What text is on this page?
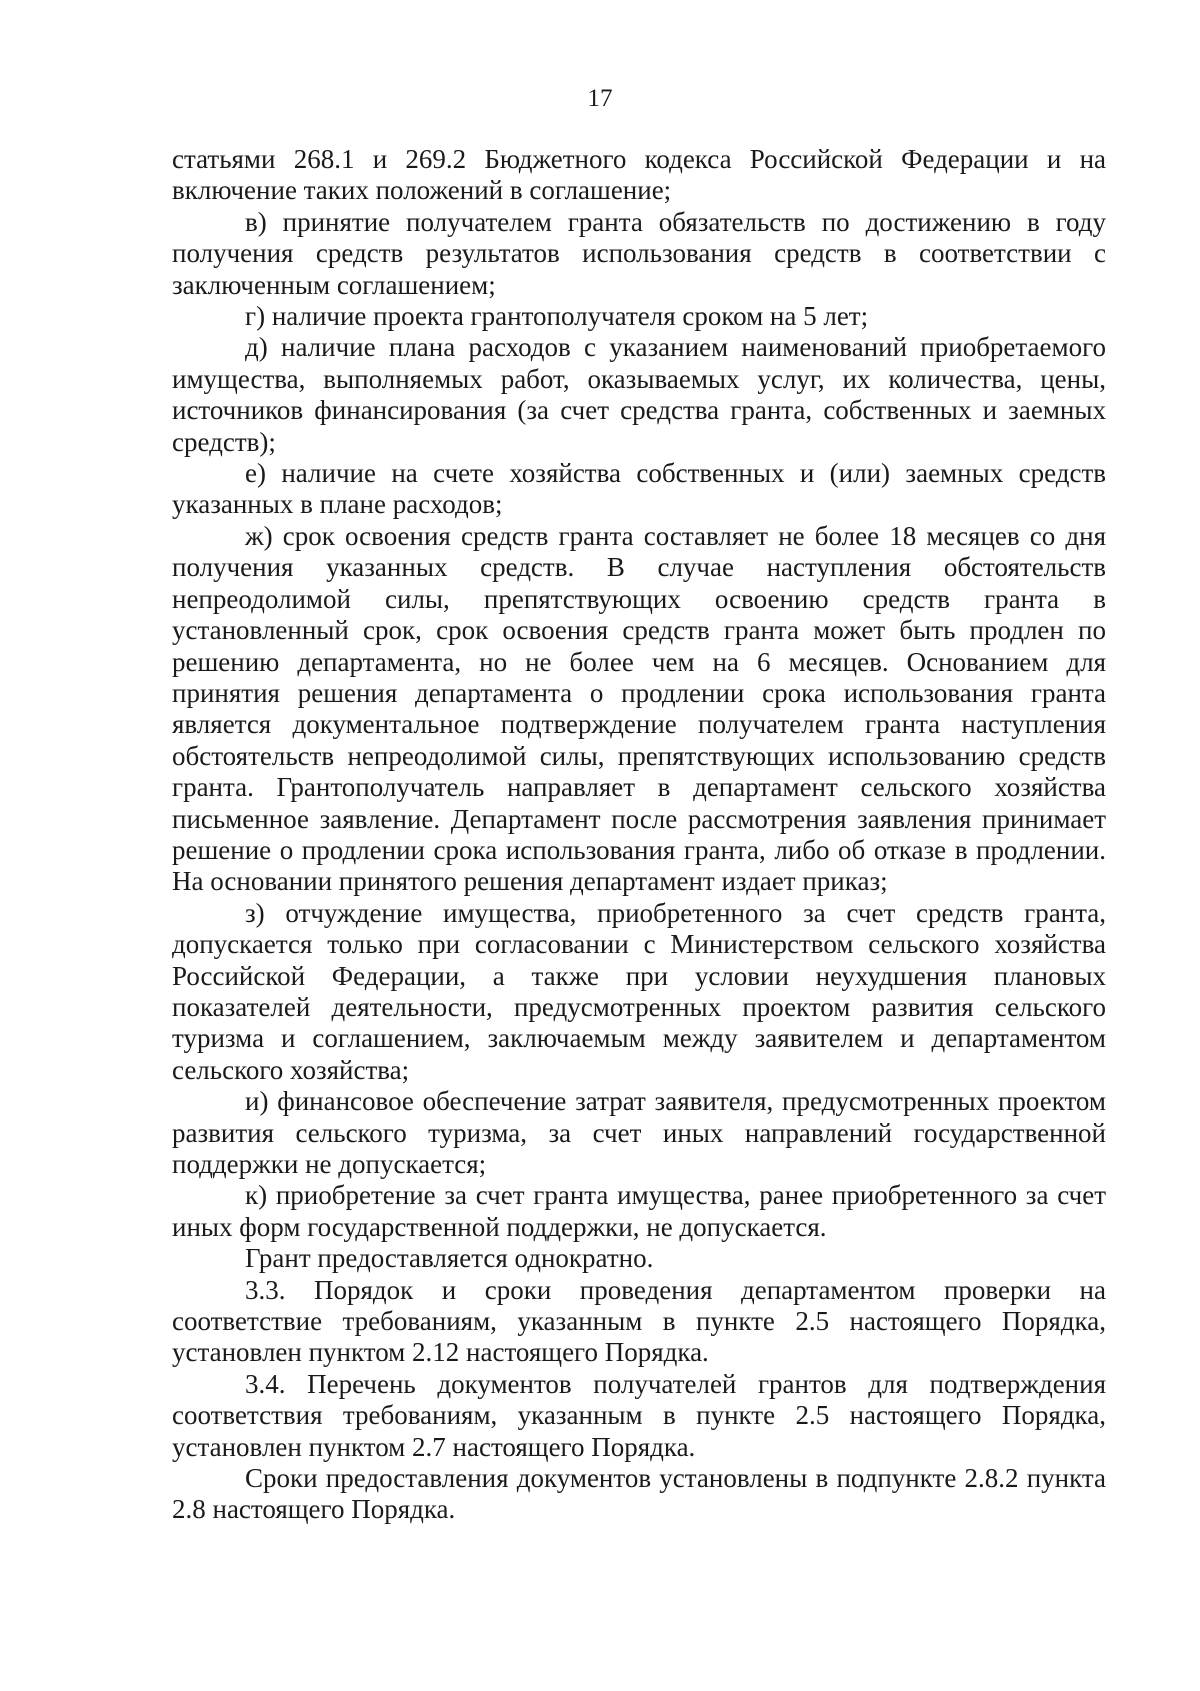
17

статьями 268.1 и 269.2 Бюджетного кодекса Российской Федерации и на включение таких положений в соглашение;

в) принятие получателем гранта обязательств по достижению в году получения средств результатов использования средств в соответствии с заключенным соглашением;

г) наличие проекта грантополучателя сроком на 5 лет;

д) наличие плана расходов с указанием наименований приобретаемого имущества, выполняемых работ, оказываемых услуг, их количества, цены, источников финансирования (за счет средства гранта, собственных и заемных средств);

е) наличие на счете хозяйства собственных и (или) заемных средств указанных в плане расходов;

ж) срок освоения средств гранта составляет не более 18 месяцев со дня получения указанных средств. В случае наступления обстоятельств непреодолимой силы, препятствующих освоению средств гранта в установленный срок, срок освоения средств гранта может быть продлен по решению департамента, но не более чем на 6 месяцев. Основанием для принятия решения департамента о продлении срока использования гранта является документальное подтверждение получателем гранта наступления обстоятельств непреодолимой силы, препятствующих использованию средств гранта. Грантополучатель направляет в департамент сельского хозяйства письменное заявление. Департамент после рассмотрения заявления принимает решение о продлении срока использования гранта, либо об отказе в продлении. На основании принятого решения департамент издает приказ;

з) отчуждение имущества, приобретенного за счет средств гранта, допускается только при согласовании с Министерством сельского хозяйства Российской Федерации, а также при условии неухудшения плановых показателей деятельности, предусмотренных проектом развития сельского туризма и соглашением, заключаемым между заявителем и департаментом сельского хозяйства;

и) финансовое обеспечение затрат заявителя, предусмотренных проектом развития сельского туризма, за счет иных направлений государственной поддержки не допускается;

к) приобретение за счет гранта имущества, ранее приобретенного за счет иных форм государственной поддержки, не допускается.

Грант предоставляется однократно.

3.3. Порядок и сроки проведения департаментом проверки на соответствие требованиям, указанным в пункте 2.5 настоящего Порядка, установлен пунктом 2.12 настоящего Порядка.

3.4. Перечень документов получателей грантов для подтверждения соответствия требованиям, указанным в пункте 2.5 настоящего Порядка, установлен пунктом 2.7 настоящего Порядка.

Сроки предоставления документов установлены в подпункте 2.8.2 пункта 2.8 настоящего Порядка.
